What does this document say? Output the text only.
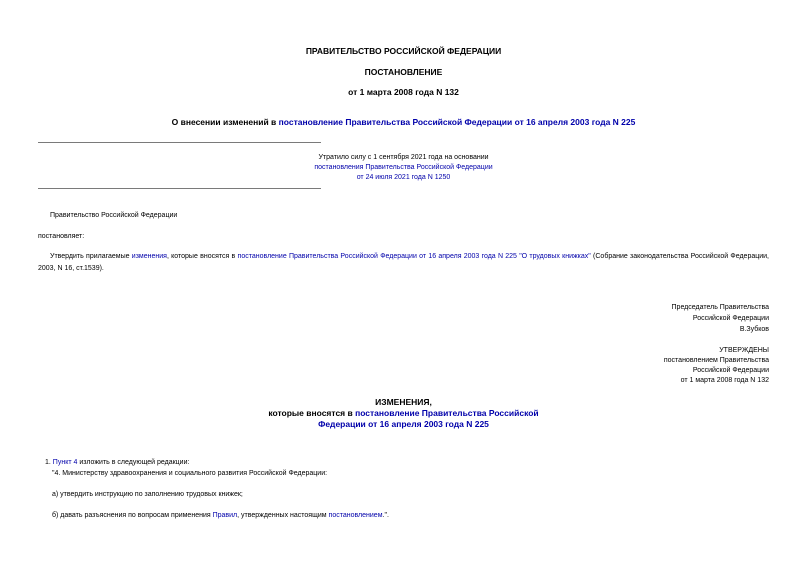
ПРАВИТЕЛЬСТВО РОССИЙСКОЙ ФЕДЕРАЦИИ
ПОСТАНОВЛЕНИЕ
от 1 марта 2008 года N 132
О внесении изменений в постановление Правительства Российской Федерации от 16 апреля 2003 года N 225
Утратило силу с 1 сентября 2021 года на основании
постановления Правительства Российской Федерации
от 24 июля 2021 года N 1250
Правительство Российской Федерации
постановляет:
Утвердить прилагаемые изменения, которые вносятся в постановление Правительства Российской Федерации от 16 апреля 2003 года N 225 "О трудовых книжках" (Собрание законодательства Российской Федерации, 2003, N 16, ст.1539).
Председатель Правительства
Российской Федерации
В.Зубков
УТВЕРЖДЕНЫ
постановлением Правительства
Российской Федерации
от 1 марта 2008 года N 132
ИЗМЕНЕНИЯ,
которые вносятся в постановление Правительства Российской
Федерации от 16 апреля 2003 года N 225
1. Пункт 4 изложить в следующей редакции:
"4. Министерству здравоохранения и социального развития Российской Федерации:
а) утвердить инструкцию по заполнению трудовых книжек;
б) давать разъяснения по вопросам применения Правил, утвержденных настоящим постановлением.".
